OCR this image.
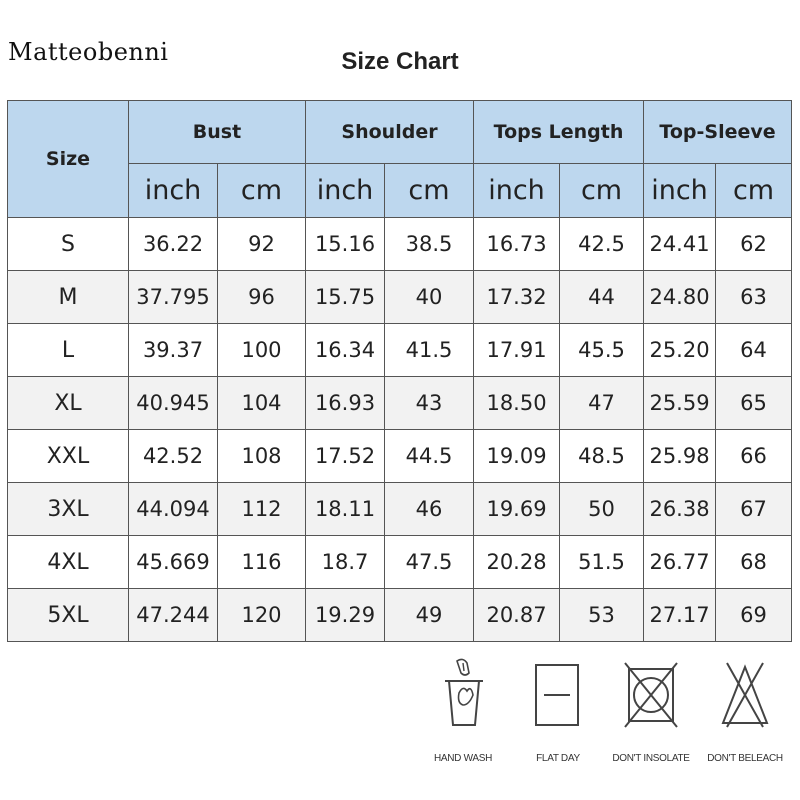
Matteobenni	Size Chart
Size	Bust		Shoulder		Tops Length		Top-Sleeve	
	inch	cm	inch	cm	inch	cm	inch	cm
S	36.22	92	15.16	38.5	16.73	42.5	24.41	62
M	37.795	96	15.75	40	17.32	44	24.80	63
L	39.37	100	16.34	41.5	17.91	45.5	25.20	64
XL	40.945	104	16.93	43	18.50	47	25.59	65
XXL	42.52	108	17.52	44.5	19.09	48.5	25.98	66
3XL	44.094	112	18.11	46	19.69	50	26.38	67
4XL	45.669	116	18.7	47.5	20.28	51.5	26.77	68
5XL	47.244	120	19.29	49	20.87	53	27.17	69
HAND WASH	FLAT DAY	DON'T INSOLATE	DON'T BELEACH
